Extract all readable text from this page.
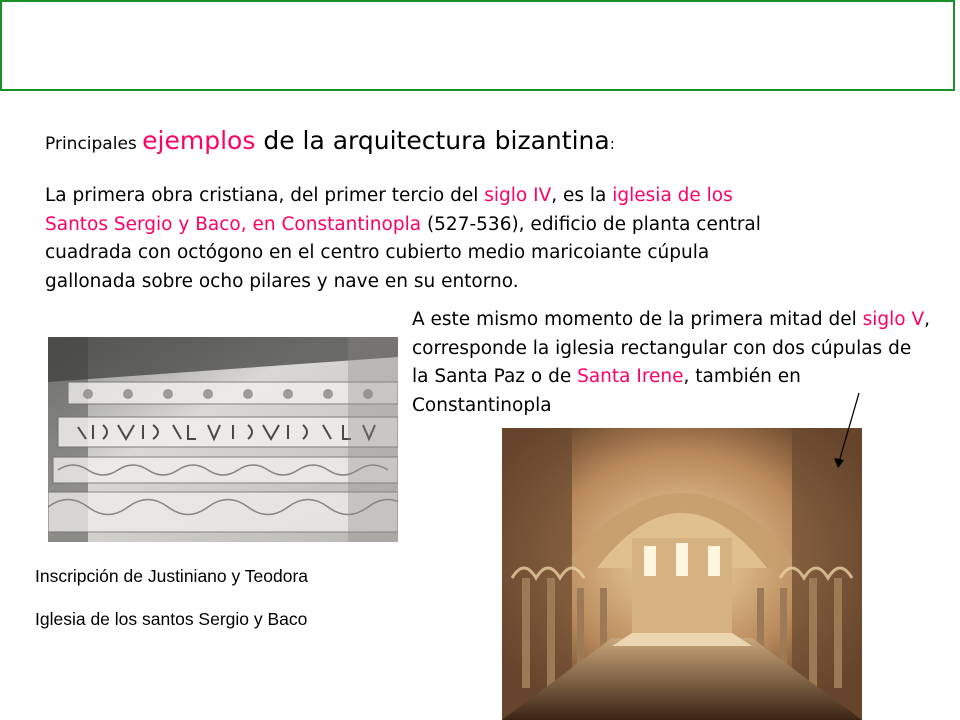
Principales ejemplos de la arquitectura bizantina:
La primera obra cristiana, del primer tercio del siglo IV, es la iglesia de los Santos Sergio y Baco, en Constantinopla (527-536), edificio de planta central cuadrada con octógono en el centro cubierto medio maricoiante cúpula gallonada sobre ocho pilares y nave en su entorno.
A este mismo momento de la primera mitad del siglo V, corresponde la iglesia rectangular con dos cúpulas de la Santa Paz o de Santa Irene, también en Constantinopla
Inscripción de Justiniano y Teodora
Iglesia de los santos Sergio y Baco
